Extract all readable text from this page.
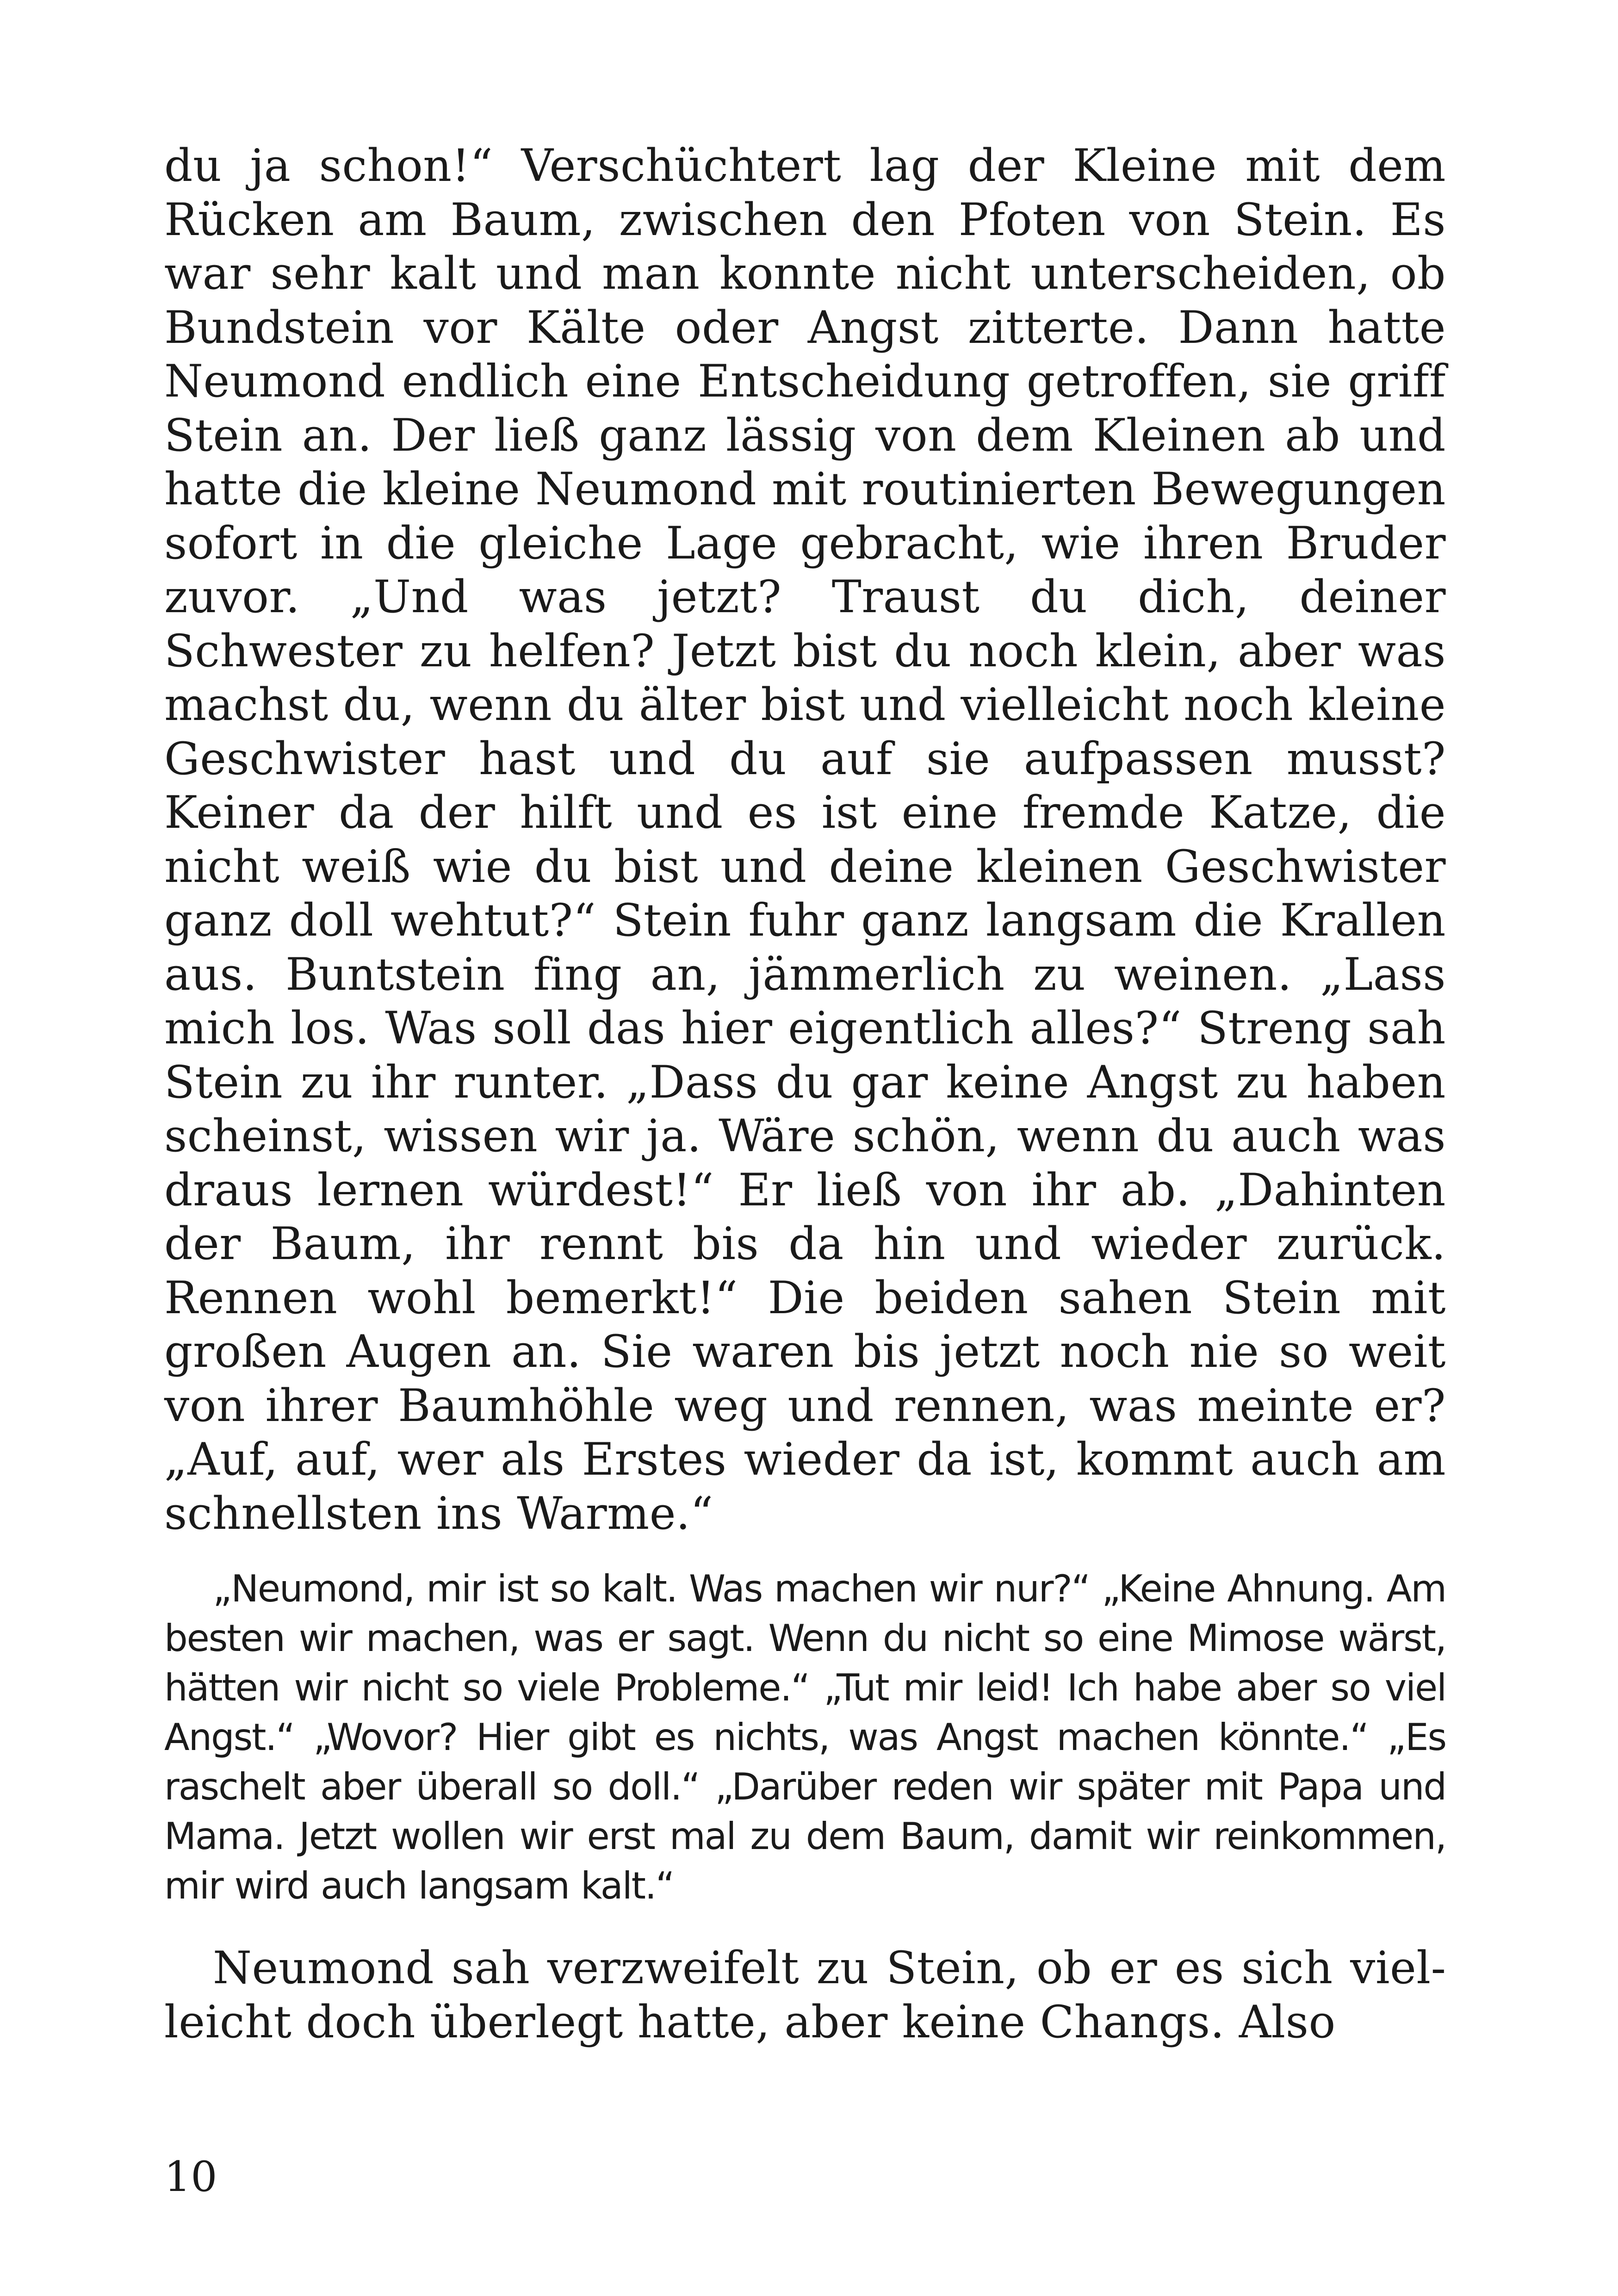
du ja schon!“ Verschüchtert lag der Kleine mit dem Rücken am Baum, zwischen den Pfoten von Stein. Es war sehr kalt und man konnte nicht unterscheiden, ob Bundstein vor Kälte oder Angst zitterte. Dann hatte Neumond endlich eine Entscheidung getroffen, sie griff Stein an. Der ließ ganz lässig von dem Kleinen ab und hatte die kleine Neumond mit routinierten Bewegungen sofort in die gleiche Lage gebracht, wie ihren Bruder zuvor. „Und was jetzt? Traust du dich, deiner Schwester zu helfen? Jetzt bist du noch klein, aber was machst du, wenn du älter bist und vielleicht noch kleine Geschwister hast und du auf sie aufpassen musst? Keiner da der hilft und es ist eine fremde Katze, die nicht weiß wie du bist und deine kleinen Geschwister ganz doll wehtut?“ Stein fuhr ganz langsam die Krallen aus. Buntstein fing an, jämmerlich zu weinen. „Lass mich los. Was soll das hier eigentlich alles?“ Streng sah Stein zu ihr runter. „Dass du gar keine Angst zu haben scheinst, wissen wir ja. Wäre schön, wenn du auch was draus lernen würdest!“ Er ließ von ihr ab. „Dahinten der Baum, ihr rennt bis da hin und wieder zurück. Rennen wohl bemerkt!“ Die beiden sahen Stein mit großen Augen an. Sie waren bis jetzt noch nie so weit von ihrer Baumhöhle weg und rennen, was meinte er? „Auf, auf, wer als Erstes wieder da ist, kommt auch am schnellsten ins Warme.“

„Neumond, mir ist so kalt. Was machen wir nur?“ „Keine Ahnung. Am besten wir machen, was er sagt. Wenn du nicht so eine Mimose wärst, hätten wir nicht so viele Probleme.“ „Tut mir leid! Ich habe aber so viel Angst.“ „Wovor? Hier gibt es nichts, was Angst machen könnte.“ „Es raschelt aber überall so doll.“ „Darüber reden wir später mit Papa und Mama. Jetzt wollen wir erst mal zu dem Baum, damit wir reinkommen, mir wird auch langsam kalt.“

Neumond sah verzweifelt zu Stein, ob er es sich vielleicht doch überlegt hatte, aber keine Changs. Also

10
